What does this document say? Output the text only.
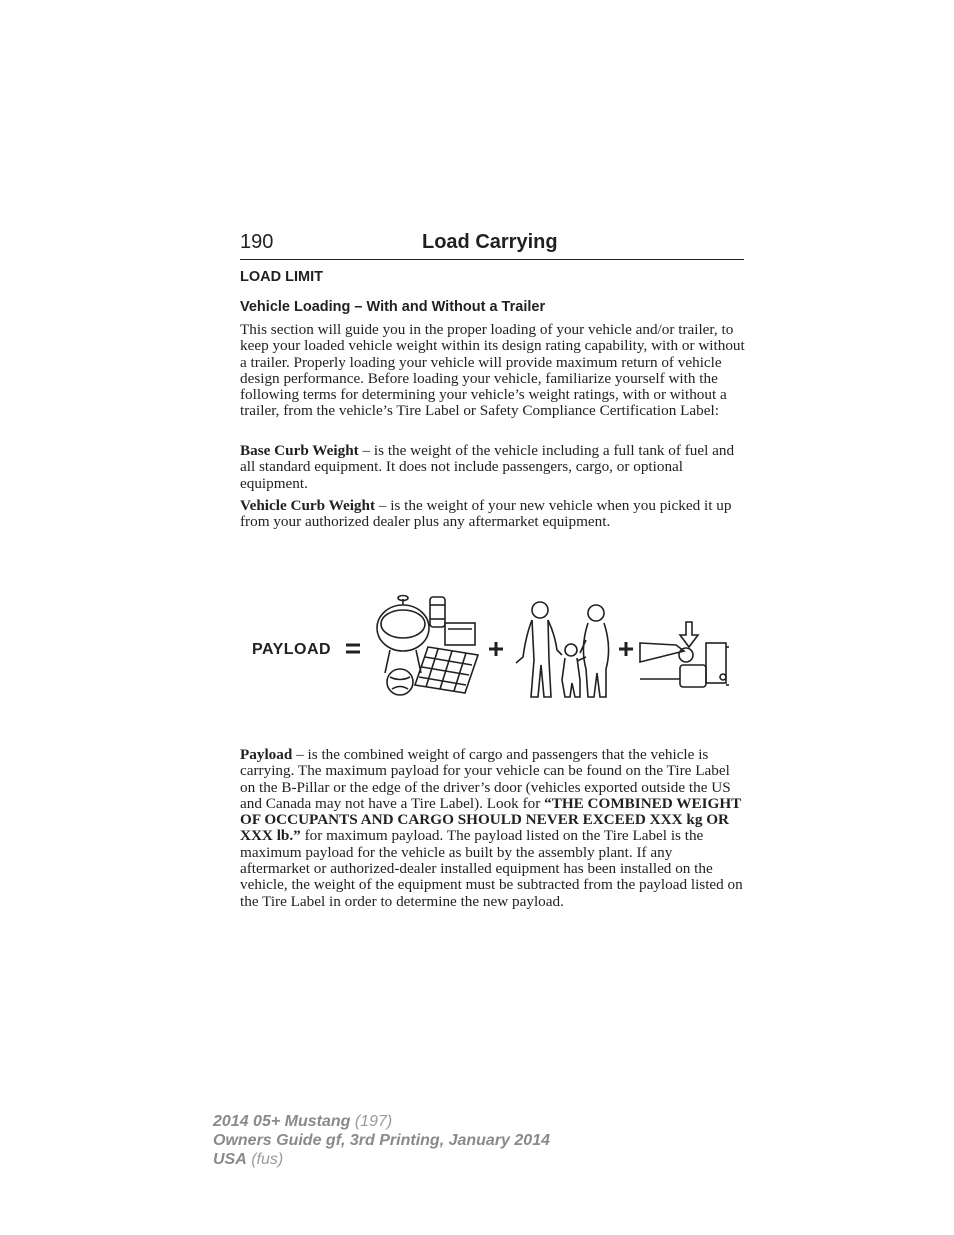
190	Load Carrying
LOAD LIMIT
Vehicle Loading – With and Without a Trailer

This section will guide you in the proper loading of your vehicle and/or trailer, to keep your loaded vehicle weight within its design rating capability, with or without a trailer. Properly loading your vehicle will provide maximum return of vehicle design performance. Before loading your vehicle, familiarize yourself with the following terms for determining your vehicle’s weight ratings, with or without a trailer, from the vehicle’s Tire Label or Safety Compliance Certification Label:

Base Curb Weight – is the weight of the vehicle including a full tank of fuel and all standard equipment. It does not include passengers, cargo, or optional equipment.

Vehicle Curb Weight – is the weight of your new vehicle when you picked it up from your authorized dealer plus any aftermarket equipment.

PAYLOAD

Payload – is the combined weight of cargo and passengers that the vehicle is carrying. The maximum payload for your vehicle can be found on the Tire Label on the B-Pillar or the edge of the driver’s door (vehicles exported outside the US and Canada may not have a Tire Label). Look for “THE COMBINED WEIGHT OF OCCUPANTS AND CARGO SHOULD NEVER EXCEED XXX kg OR XXX lb.” for maximum payload. The payload listed on the Tire Label is the maximum payload for the vehicle as built by the assembly plant. If any aftermarket or authorized-dealer installed equipment has been installed on the vehicle, the weight of the equipment must be subtracted from the payload listed on the Tire Label in order to determine the new payload.

2014 05+ Mustang (197)
Owners Guide gf, 3rd Printing, January 2014
USA (fus)
